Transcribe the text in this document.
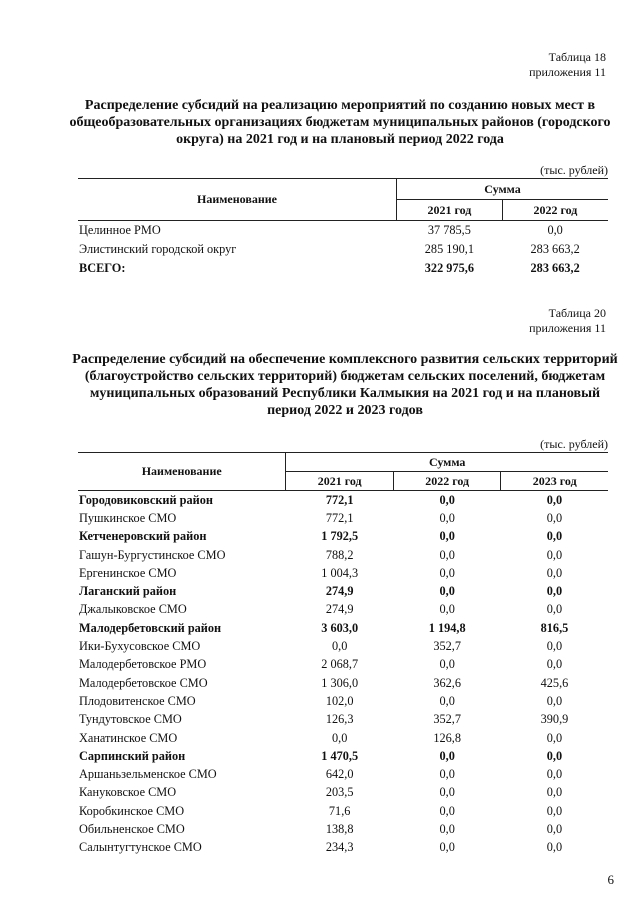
Таблица 18
приложения 11
Распределение субсидий на реализацию мероприятий по созданию новых мест в общеобразовательных организациях бюджетам муниципальных районов (городского округа) на 2021 год и на плановый период 2022 года
(тыс. рублей)
Наименование	Сумма	
	2021 год	2022 год
Целинное РМО	37 785,5	0,0
Элистинский городской округ	285 190,1	283 663,2
ВСЕГО:	322 975,6	283 663,2
Таблица 20
приложения 11
Распределение субсидий на обеспечение комплексного развития сельских территорий (благоустройство сельских территорий) бюджетам сельских поселений, бюджетам муниципальных образований Республики Калмыкия на 2021 год и на плановый период 2022 и 2023 годов
(тыс. рублей)
Наименование	Сумма		
	2021 год	2022 год	2023 год
Городовиковский район	772,1	0,0	0,0
Пушкинское СМО	772,1	0,0	0,0
Кетченеровский район	1 792,5	0,0	0,0
Гашун-Бургустинское СМО	788,2	0,0	0,0
Ергенинское СМО	1 004,3	0,0	0,0
Лаганский район	274,9	0,0	0,0
Джалыковское СМО	274,9	0,0	0,0
Малодербетовский район	3 603,0	1 194,8	816,5
Ики-Бухусовское СМО	0,0	352,7	0,0
Малодербетовское РМО	2 068,7	0,0	0,0
Малодербетовское СМО	1 306,0	362,6	425,6
Плодовитенское СМО	102,0	0,0	0,0
Тундутовское СМО	126,3	352,7	390,9
Ханатинское СМО	0,0	126,8	0,0
Сарпинский район	1 470,5	0,0	0,0
Аршаньзельменское СМО	642,0	0,0	0,0
Кануковское СМО	203,5	0,0	0,0
Коробкинское СМО	71,6	0,0	0,0
Обильненское СМО	138,8	0,0	0,0
Салынтугтунское СМО	234,3	0,0	0,0
6
